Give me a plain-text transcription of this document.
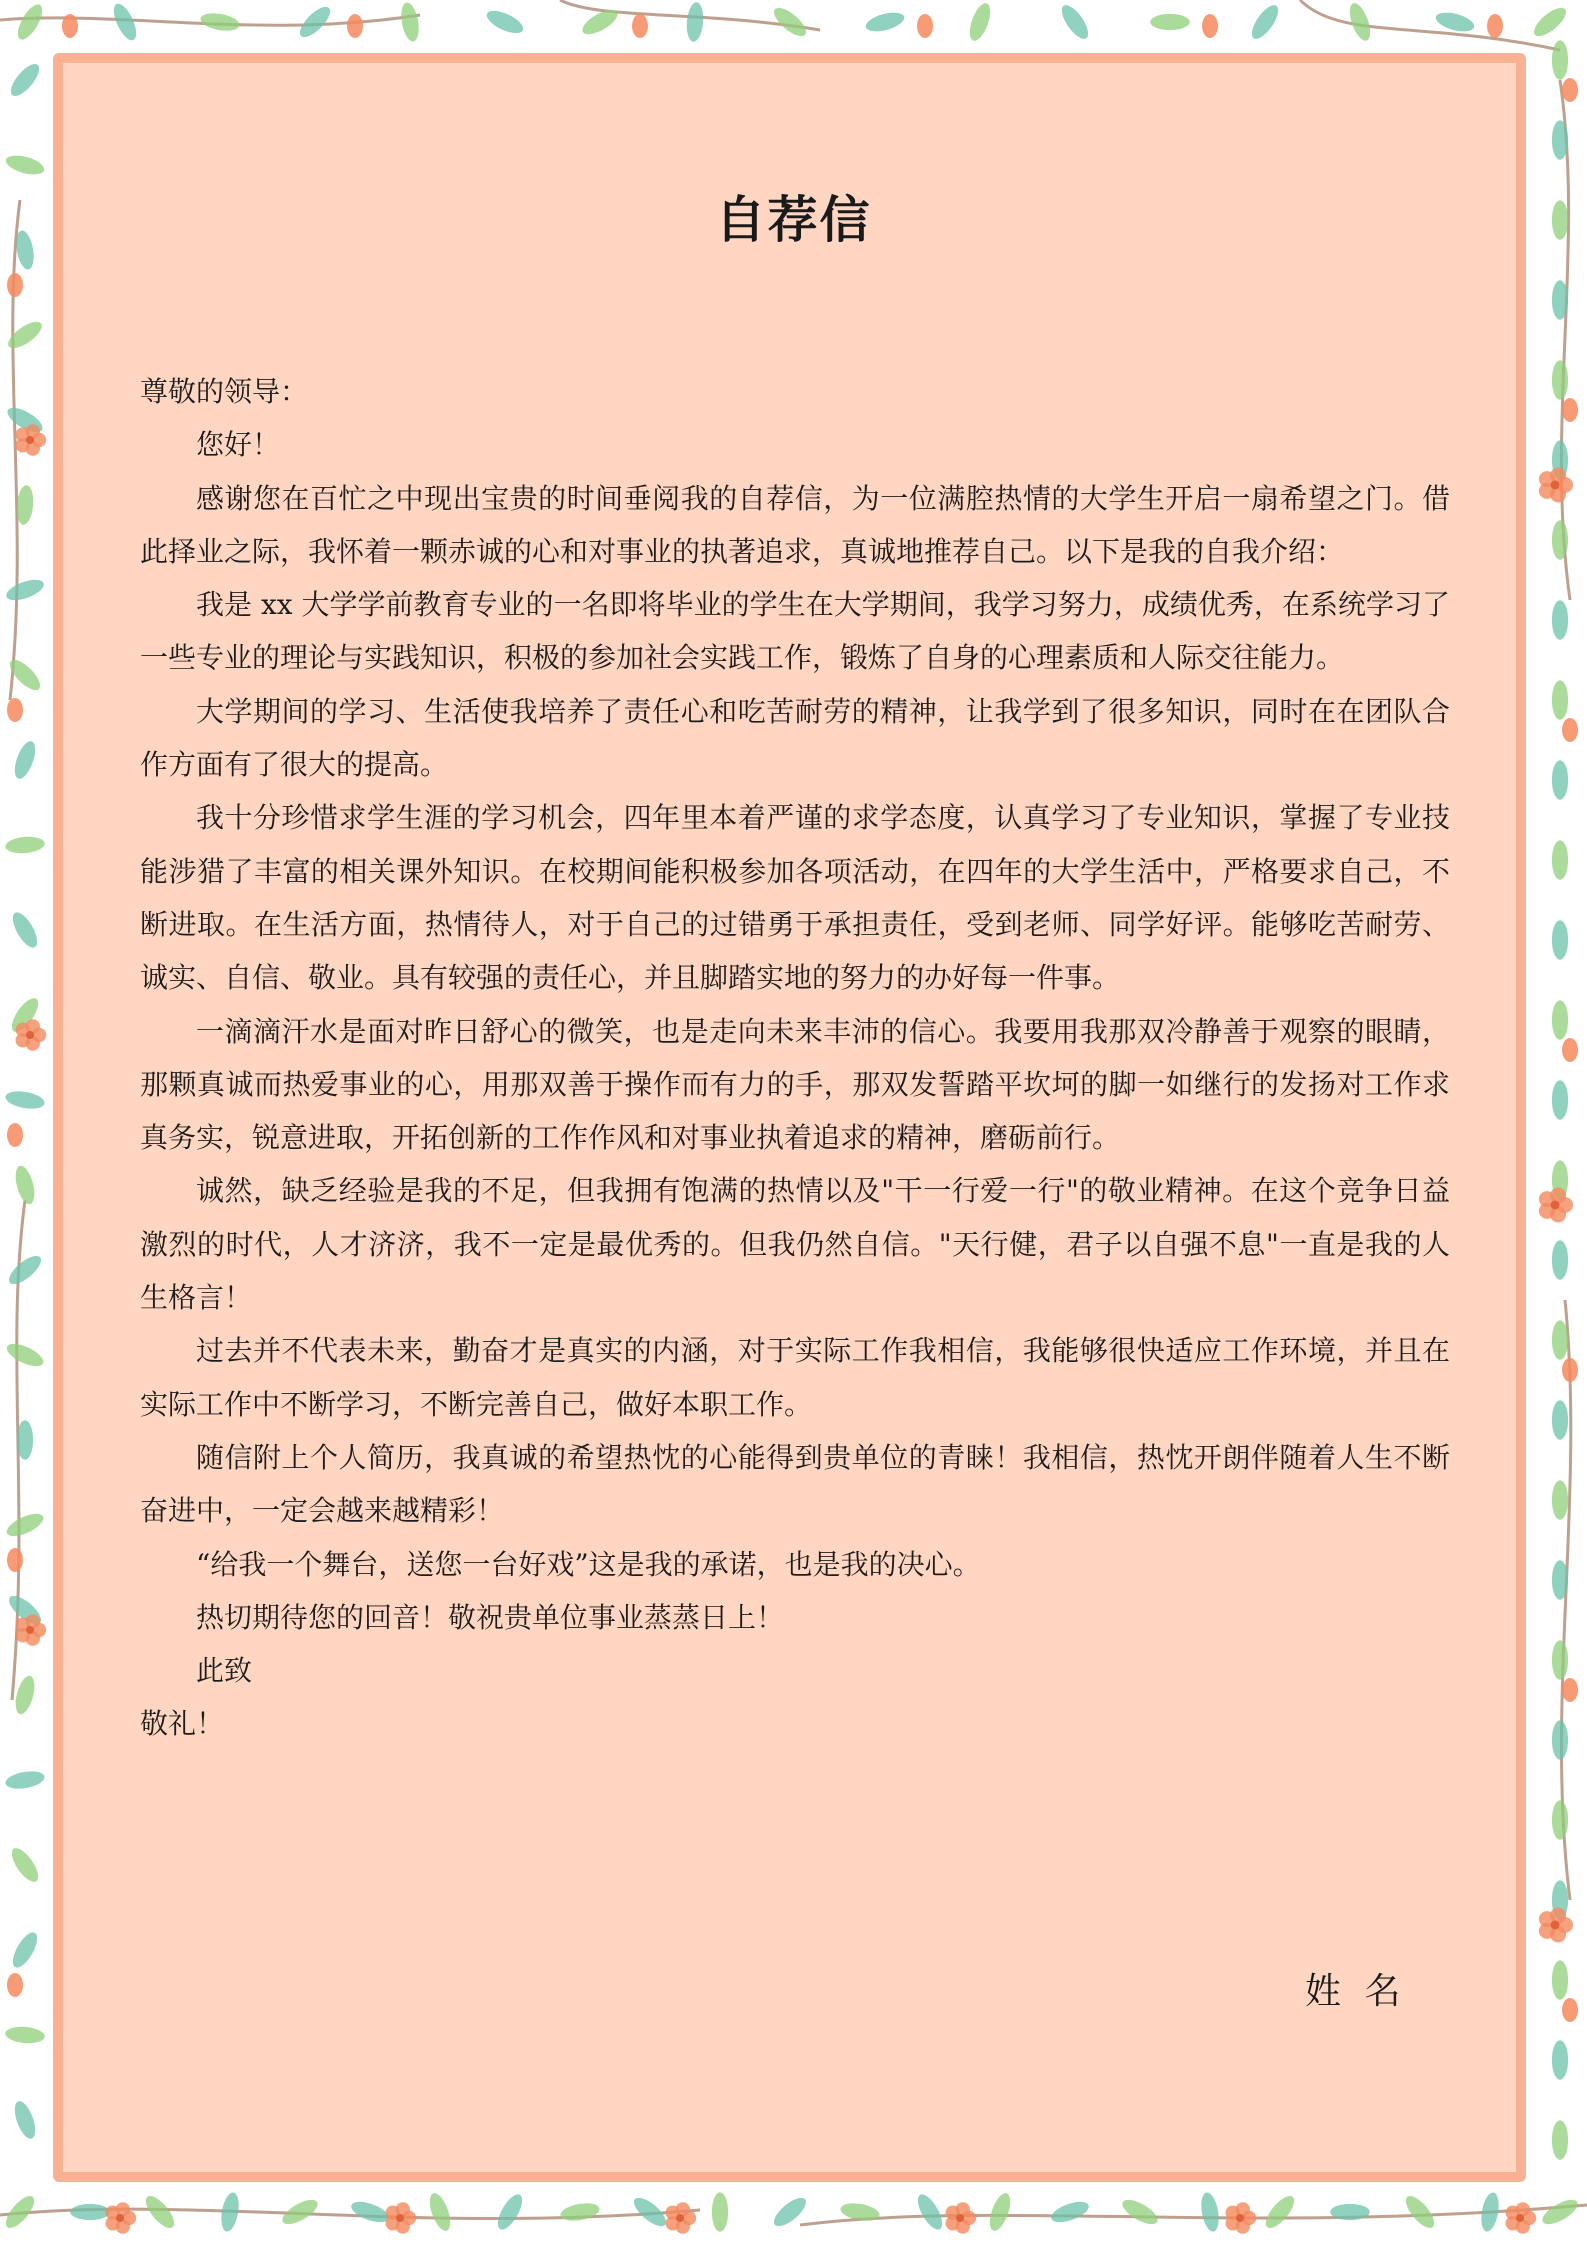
自荐信

尊敬的领导：

您好！

感谢您在百忙之中现出宝贵的时间垂阅我的自荐信，为一位满腔热情的大学生开启一扇希望之门。借此择业之际，我怀着一颗赤诚的心和对事业的执著追求，真诚地推荐自己。以下是我的自我介绍：

我是 xx 大学学前教育专业的一名即将毕业的学生在大学期间，我学习努力，成绩优秀，在系统学习了一些专业的理论与实践知识，积极的参加社会实践工作，锻炼了自身的心理素质和人际交往能力。

大学期间的学习、生活使我培养了责任心和吃苦耐劳的精神，让我学到了很多知识，同时在在团队合作方面有了很大的提高。

我十分珍惜求学生涯的学习机会，四年里本着严谨的求学态度，认真学习了专业知识，掌握了专业技能涉猎了丰富的相关课外知识。在校期间能积极参加各项活动，在四年的大学生活中，严格要求自己，不断进取。在生活方面，热情待人，对于自己的过错勇于承担责任，受到老师、同学好评。能够吃苦耐劳、诚实、自信、敬业。具有较强的责任心，并且脚踏实地的努力的办好每一件事。

一滴滴汗水是面对昨日舒心的微笑，也是走向未来丰沛的信心。我要用我那双冷静善于观察的眼睛，那颗真诚而热爱事业的心，用那双善于操作而有力的手，那双发誓踏平坎坷的脚一如继行的发扬对工作求真务实，锐意进取，开拓创新的工作作风和对事业执着追求的精神，磨砺前行。

诚然，缺乏经验是我的不足，但我拥有饱满的热情以及"干一行爱一行"的敬业精神。在这个竞争日益激烈的时代，人才济济，我不一定是最优秀的。但我仍然自信。"天行健，君子以自强不息"一直是我的人生格言！

过去并不代表未来，勤奋才是真实的内涵，对于实际工作我相信，我能够很快适应工作环境，并且在实际工作中不断学习，不断完善自己，做好本职工作。

随信附上个人简历，我真诚的希望热忱的心能得到贵单位的青睐！我相信，热忱开朗伴随着人生不断奋进中，一定会越来越精彩！

“给我一个舞台，送您一台好戏”这是我的承诺，也是我的决心。

热切期待您的回音！敬祝贵单位事业蒸蒸日上！

此致

敬礼！

姓 名
